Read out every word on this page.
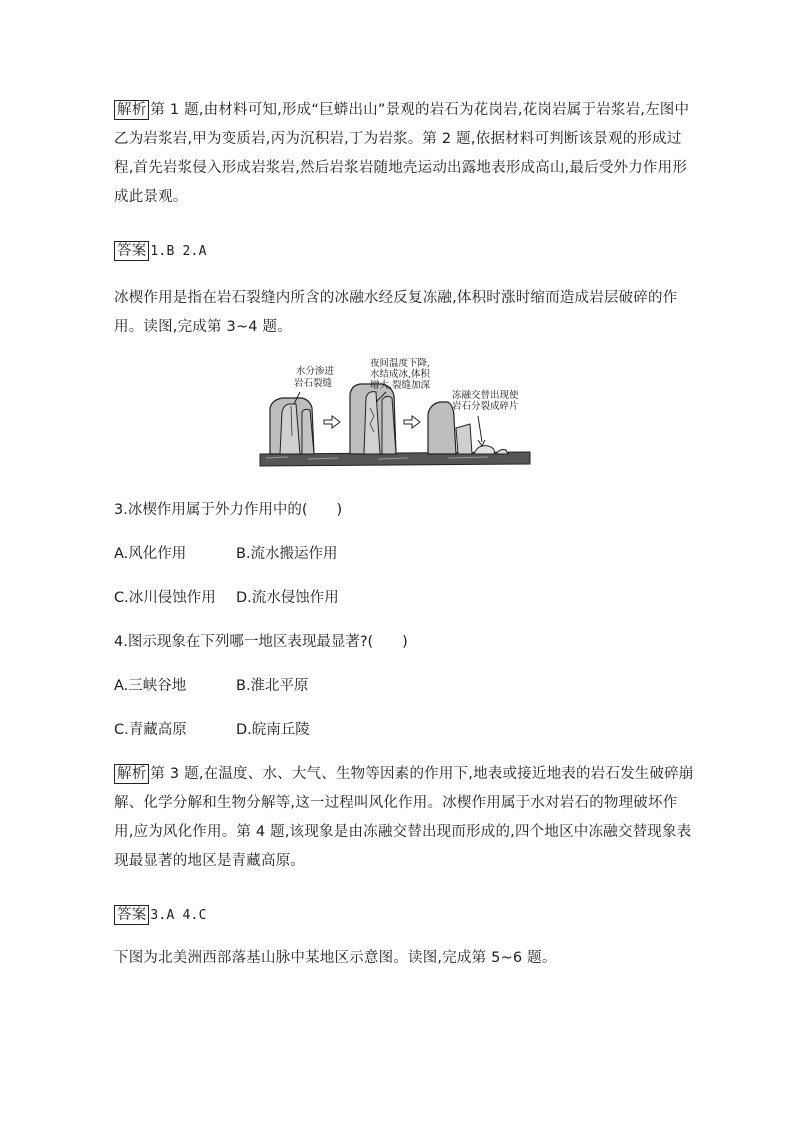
解析 第 1 题,由材料可知,形成“巨蟒出山”景观的岩石为花岗岩,花岗岩属于岩浆岩,左图中乙为岩浆岩,甲为变质岩,丙为沉积岩,丁为岩浆。第 2 题,依据材料可判断该景观的形成过程,首先岩浆侵入形成岩浆岩,然后岩浆岩随地壳运动出露地表形成高山,最后受外力作用形成此景观。

答案 1.B 2.A

冰楔作用是指在岩石裂缝内所含的冰融水经反复冻融,体积时涨时缩而造成岩层破碎的作用。读图,完成第 3~4 题。

水分渗进
岩石裂缝
夜间温度下降,
水结成冰,体积
增大,裂缝加深
冻融交替出现使
岩石分裂成碎片
3.冰楔作用属于外力作用中的(　　)
A.风化作用	B.流水搬运作用
C.冰川侵蚀作用 D.流水侵蚀作用
4.图示现象在下列哪一地区表现最显著?(　　)
A.三峡谷地	B.淮北平原
C.青藏高原	D.皖南丘陵

解析 第 3 题,在温度、水、大气、生物等因素的作用下,地表或接近地表的岩石发生破碎崩解、化学分解和生物分解等,这一过程叫风化作用。冰楔作用属于水对岩石的物理破坏作用,应为风化作用。第 4 题,该现象是由冻融交替出现而形成的,四个地区中冻融交替现象表现最显著的地区是青藏高原。

答案 3.A 4.C

下图为北美洲西部落基山脉中某地区示意图。读图,完成第 5~6 题。
